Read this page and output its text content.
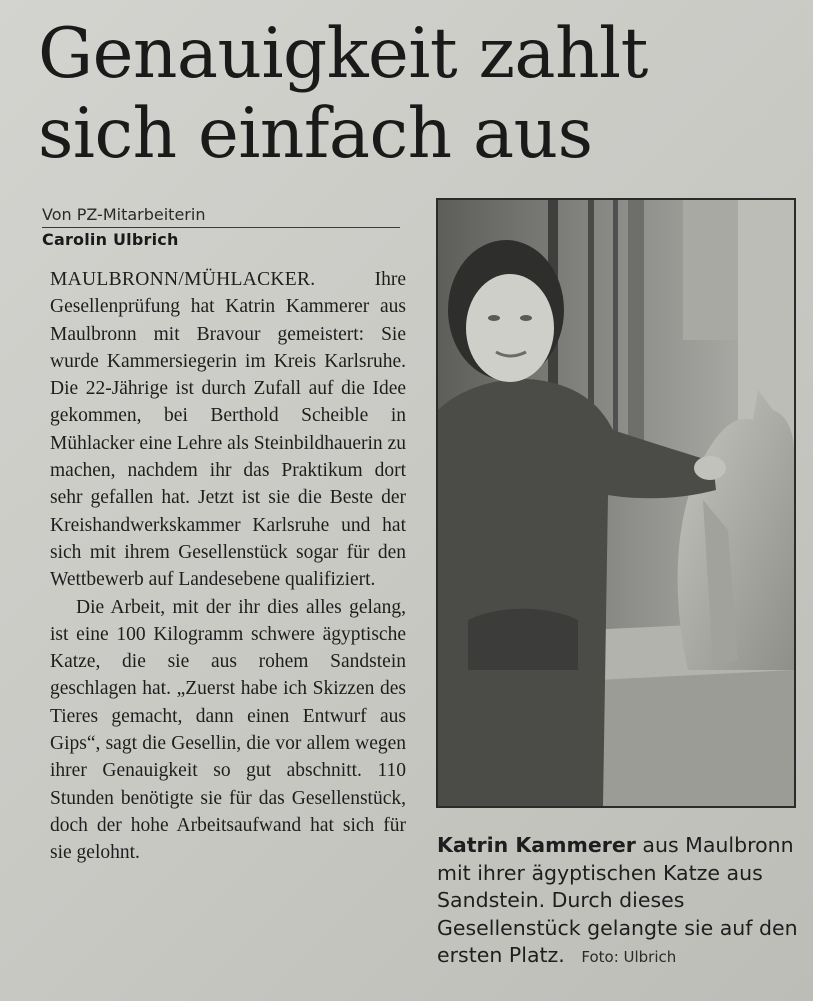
Genauigkeit zahlt
sich einfach aus
Von PZ-Mitarbeiterin
Carolin Ulbrich

MAULBRONN/MÜHLACKER.	Ihre Gesellenprüfung hat Katrin Kammerer aus Maulbronn mit Bravour gemeistert: Sie wurde Kammersiegerin im Kreis Karlsruhe. Die 22-Jährige ist durch Zufall auf die Idee gekommen, bei Berthold Scheible in Mühlacker eine Lehre als Steinbildhauerin zu machen, nachdem ihr das Praktikum dort sehr gefallen hat. Jetzt ist sie die Beste der Kreishandwerkskammer Karlsruhe und hat sich mit ihrem Gesellenstück sogar für den Wettbewerb auf Landesebene qualifiziert.

Die Arbeit, mit der ihr dies alles gelang, ist eine 100 Kilogramm schwere ägyptische Katze, die sie aus rohem Sandstein geschlagen hat. „Zuerst habe ich Skizzen des Tieres gemacht, dann einen Entwurf aus Gips“, sagt die Gesellin, die vor allem wegen ihrer Genauigkeit so gut abschnitt. 110 Stunden benötigte sie für das Gesellenstück, doch der hohe Arbeitsaufwand hat sich für sie gelohnt.	Katrin Kammerer aus Maulbronn mit ihrer ägyptischen Katze aus Sandstein. Durch dieses Gesellenstück gelangte sie auf den ersten Platz. Foto: Ulbrich
